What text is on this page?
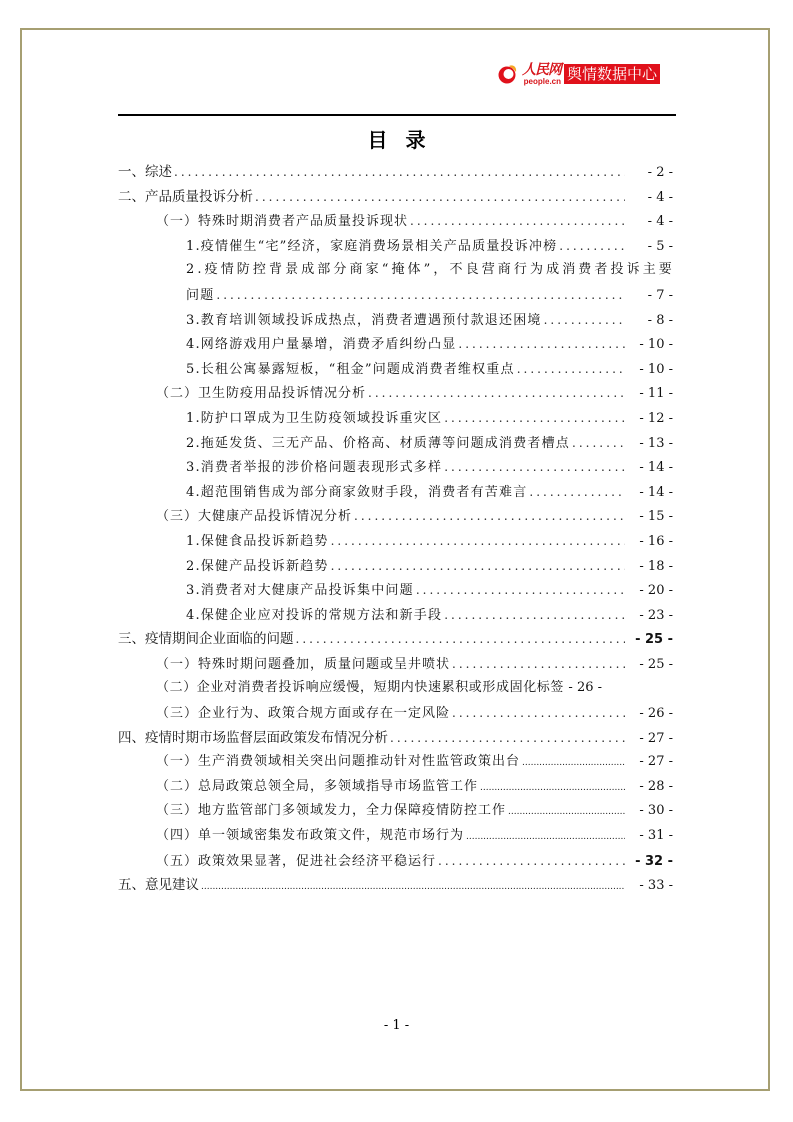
人民网
people.cn 舆情数据中心
目录
一、综述 .....	- 2 -
二、产品质量投诉分析 .....	- 4 -
（一）特殊时期消费者产品质量投诉现状 .....	- 4 -
1.疫情催生“宅”经济，家庭消费场景相关产品质量投诉冲榜 .....	- 5 -
2.疫情防控背景成部分商家“掩体”，不良营商行为成消费者投诉主要
问题 .....	- 7 -
3.教育培训领域投诉成热点，消费者遭遇预付款退还困境 .....	- 8 -
4.网络游戏用户量暴增，消费矛盾纠纷凸显 .....	- 10 -
5.长租公寓暴露短板，“租金”问题成消费者维权重点 .....	- 10 -
（二）卫生防疫用品投诉情况分析 .....	- 11 -
1.防护口罩成为卫生防疫领域投诉重灾区 .....	- 12 -
2.拖延发货、三无产品、价格高、材质薄等问题成消费者槽点 .....	- 13 -
3.消费者举报的涉价格问题表现形式多样 .....	- 14 -
4.超范围销售成为部分商家敛财手段，消费者有苦难言 .....	- 14 -
（三）大健康产品投诉情况分析 .....	- 15 -
1.保健食品投诉新趋势 .....	- 16 -
2.保健产品投诉新趋势 .....	- 18 -
3.消费者对大健康产品投诉集中问题 .....	- 20 -
4.保健企业应对投诉的常规方法和新手段 .....	- 23 -
三、疫情期间企业面临的问题 .....	- 25 -
（一）特殊时期问题叠加，质量问题或呈井喷状 .....	- 25 -
（二）企业对消费者投诉响应缓慢，短期内快速累积或形成固化标签 - 26 -
（三）企业行为、政策合规方面或存在一定风险 .....	- 26 -
四、疫情时期市场监督层面政策发布情况分析 .....	- 27 -
（一）生产消费领域相关突出问题推动针对性监管政策出台 .....	- 27 -
（二）总局政策总领全局，多领域指导市场监管工作 .....	- 28 -
（三）地方监管部门多领域发力，全力保障疫情防控工作 .....	- 30 -
（四）单一领域密集发布政策文件，规范市场行为 .....	- 31 -
（五）政策效果显著，促进社会经济平稳运行 .....	- 32 -
五、意见建议 .....	- 33 -
- 1 -
